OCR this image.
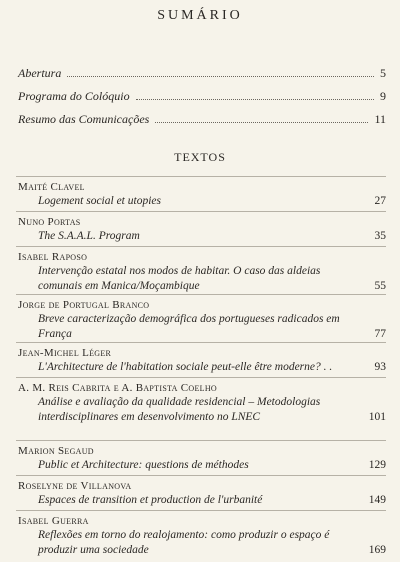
SUMÁRIO
Abertura	5
Programa do Colóquio	9
Resumo das Comunicações	11
TEXTOS
Maité Clavel
Logement social et utopies	27
Nuno Portas
The S.A.A.L. Program	35
Isabel Raposo
Intervenção estatal nos modos de habitar. O caso das aldeias comunais em Manica/Moçambique	55
Jorge de Portugal Branco
Breve caracterização demográfica dos portugueses radicados em França	77
Jean-Michel Léger
L'Architecture de l'habitation sociale peut-elle être moderne? . .	93
A. M. Reis Cabrita e A. Baptista Coelho
Análise e avaliação da qualidade residencial – Metodologias interdisciplinares em desenvolvimento no LNEC	101
Marion Segaud
Public et Architecture: questions de méthodes	129
Roselyne de Villanova
Espaces de transition et production de l'urbanité	149
Isabel Guerra
Reflexões em torno do realojamento: como produzir o espaço é produzir uma sociedade	169
